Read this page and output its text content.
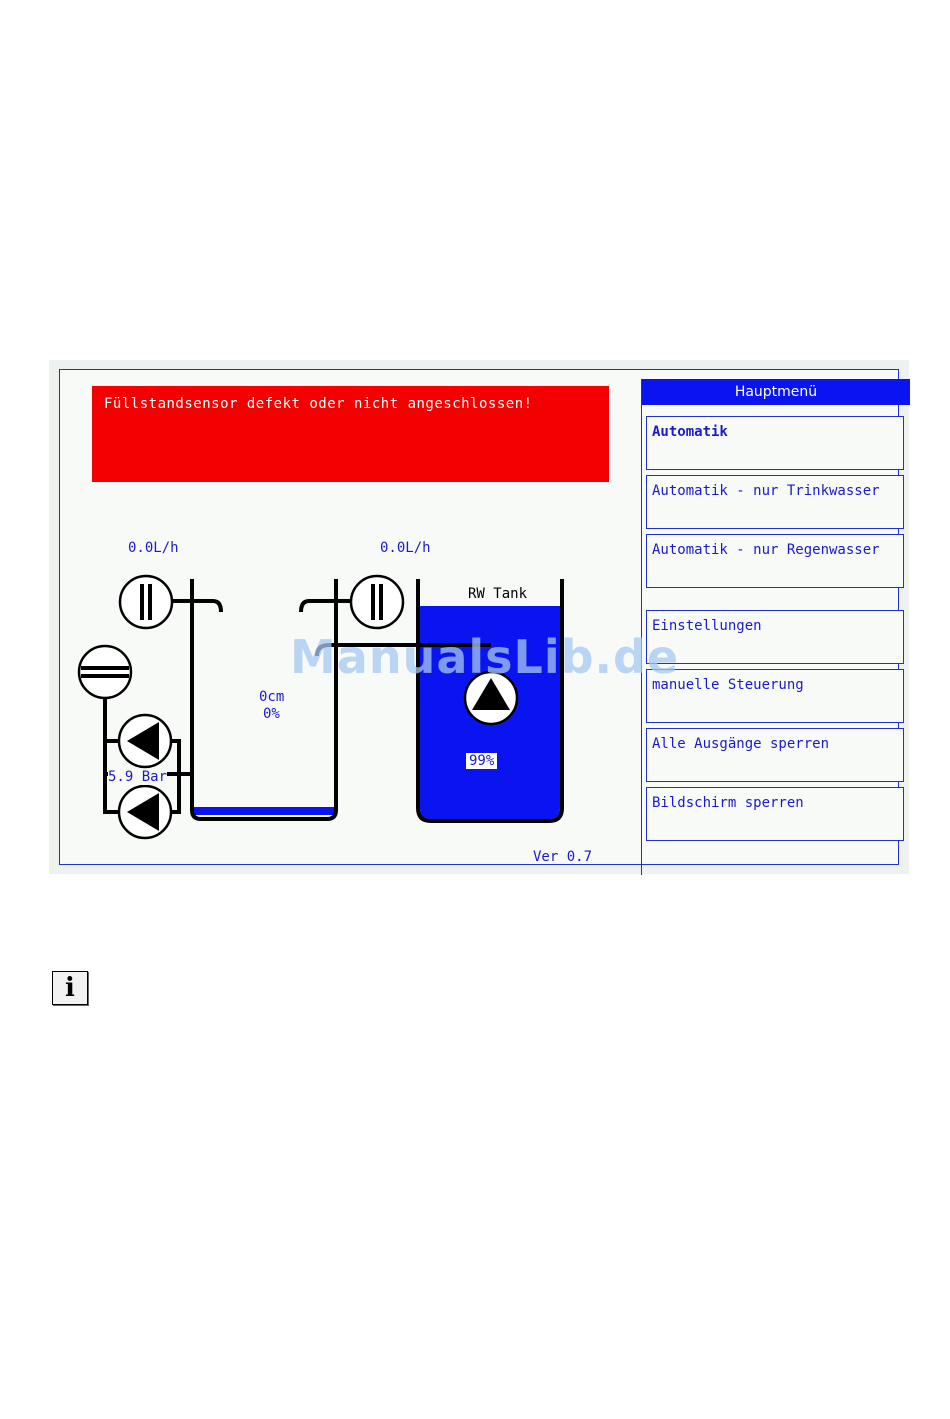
Füllstandsensor defekt oder nicht angeschlossen!
Hauptmenü
Automatik
Automatik - nur Trinkwasser
Automatik - nur Regenwasser
Einstellungen
manuelle Steuerung
Alle Ausgänge sperren
Bildschirm sperren
0.0L/h	0.0L/h
0cm
0%
5.9 Bar
RW Tank
99%
Ver 0.7
ManualsLib.de
i
